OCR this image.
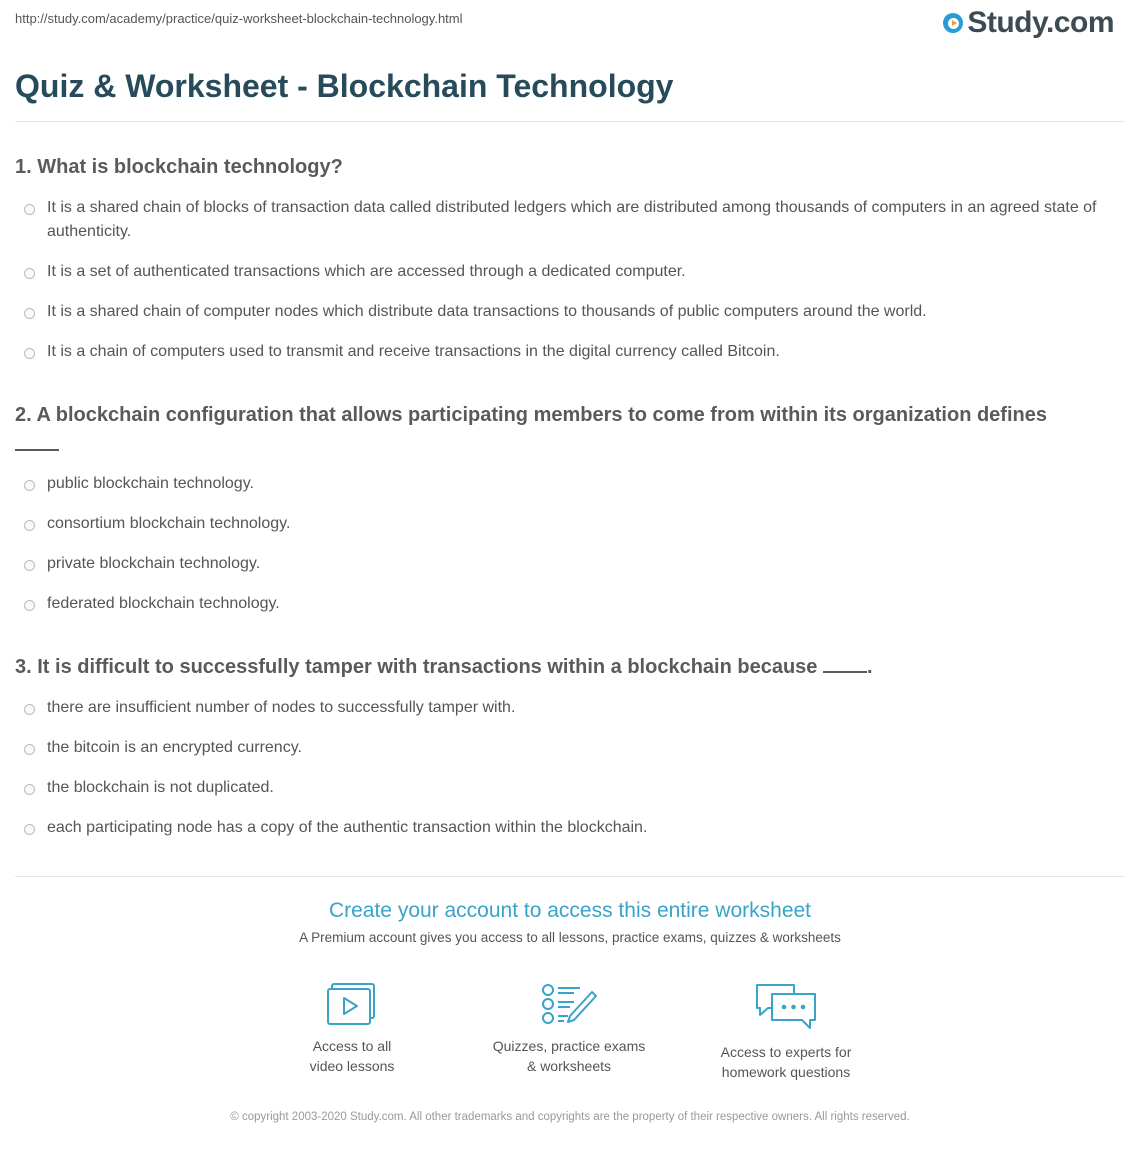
http://study.com/academy/practice/quiz-worksheet-blockchain-technology.html	Study.com
Quiz & Worksheet - Blockchain Technology

1. What is blockchain technology?

It is a shared chain of blocks of transaction data called distributed ledgers which are distributed among thousands of computers in an agreed state of authenticity.
It is a set of authenticated transactions which are accessed through a dedicated computer.
It is a shared chain of computer nodes which distribute data transactions to thousands of public computers around the world.
It is a chain of computers used to transmit and receive transactions in the digital currency called Bitcoin.

2. A blockchain configuration that allows participating members to come from within its organization defines

public blockchain technology.
consortium blockchain technology.
private blockchain technology.
federated blockchain technology.

3. It is difficult to successfully tamper with transactions within a blockchain because .

there are insufficient number of nodes to successfully tamper with.
the bitcoin is an encrypted currency.
the blockchain is not duplicated.
each participating node has a copy of the authentic transaction within the blockchain.
Create your account to access this entire worksheet
A Premium account gives you access to all lessons, practice exams, quizzes & worksheets
Access to all
video lessons
Quizzes, practice exams
& worksheets
Access to experts for
homework questions
© copyright 2003-2020 Study.com. All other trademarks and copyrights are the property of their respective owners. All rights reserved.
